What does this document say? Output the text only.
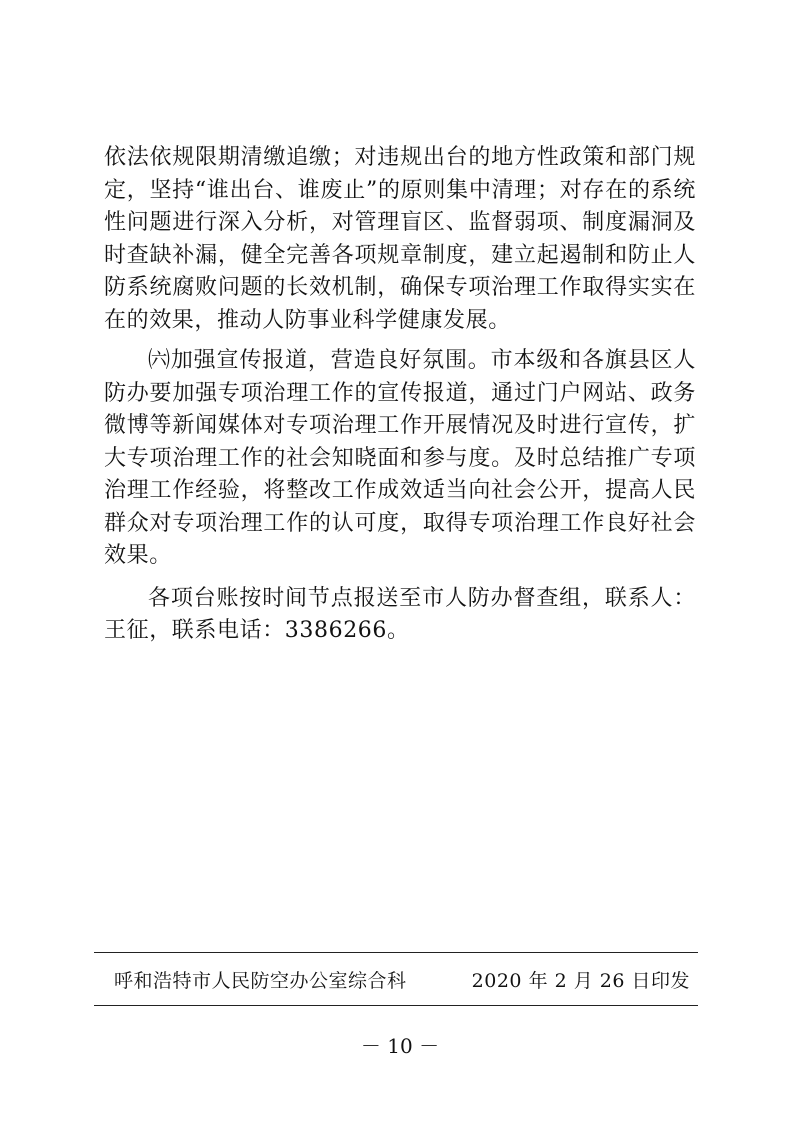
依法依规限期清缴追缴；对违规出台的地方性政策和部门规定，坚持“谁出台、谁废止”的原则集中清理；对存在的系统性问题进行深入分析，对管理盲区、监督弱项、制度漏洞及时查缺补漏，健全完善各项规章制度，建立起遏制和防止人防系统腐败问题的长效机制，确保专项治理工作取得实实在在的效果，推动人防事业科学健康发展。

㈥加强宣传报道，营造良好氛围。市本级和各旗县区人防办要加强专项治理工作的宣传报道，通过门户网站、政务微博等新闻媒体对专项治理工作开展情况及时进行宣传，扩大专项治理工作的社会知晓面和参与度。及时总结推广专项治理工作经验，将整改工作成效适当向社会公开，提高人民群众对专项治理工作的认可度，取得专项治理工作良好社会效果。

各项台账按时间节点报送至市人防办督查组，联系人：王征，联系电话：3386266。

呼和浩特市人民防空办公室综合科	2020 年 2 月 26 日印发
－ 10 －
